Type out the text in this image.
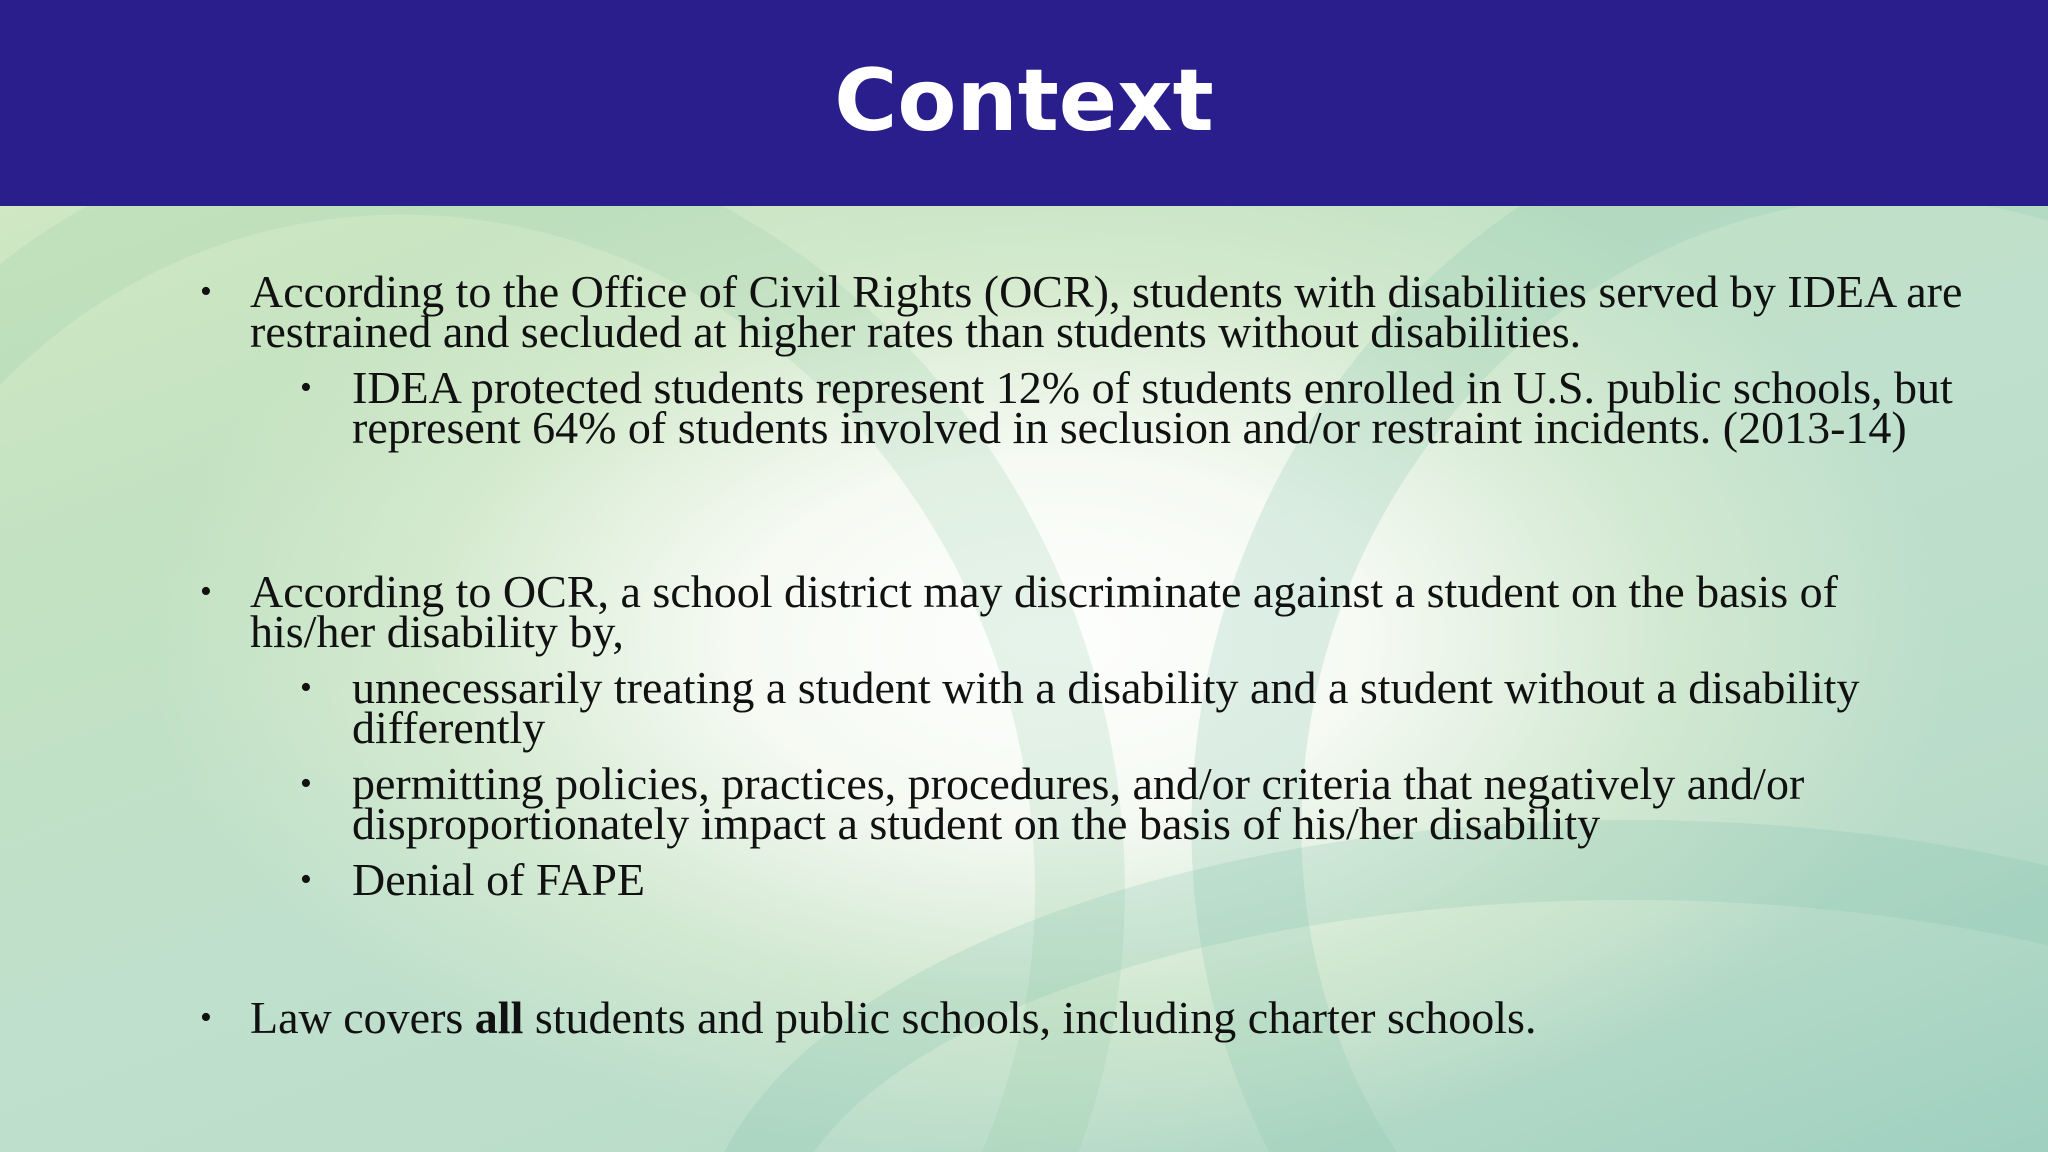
Context
• According to the Office of Civil Rights (OCR), students with disabilities served by IDEA are restrained and secluded at higher rates than students without disabilities.
• IDEA protected students represent 12% of students enrolled in U.S. public schools, but represent 64% of students involved in seclusion and/or restraint incidents. (2013-14)
• According to OCR, a school district may discriminate against a student on the basis of his/her disability by,
• unnecessarily treating a student with a disability and a student without a disability differently
• permitting policies, practices, procedures, and/or criteria that negatively and/or disproportionately impact a student on the basis of his/her disability
• Denial of FAPE
• Law covers all students and public schools, including charter schools.
